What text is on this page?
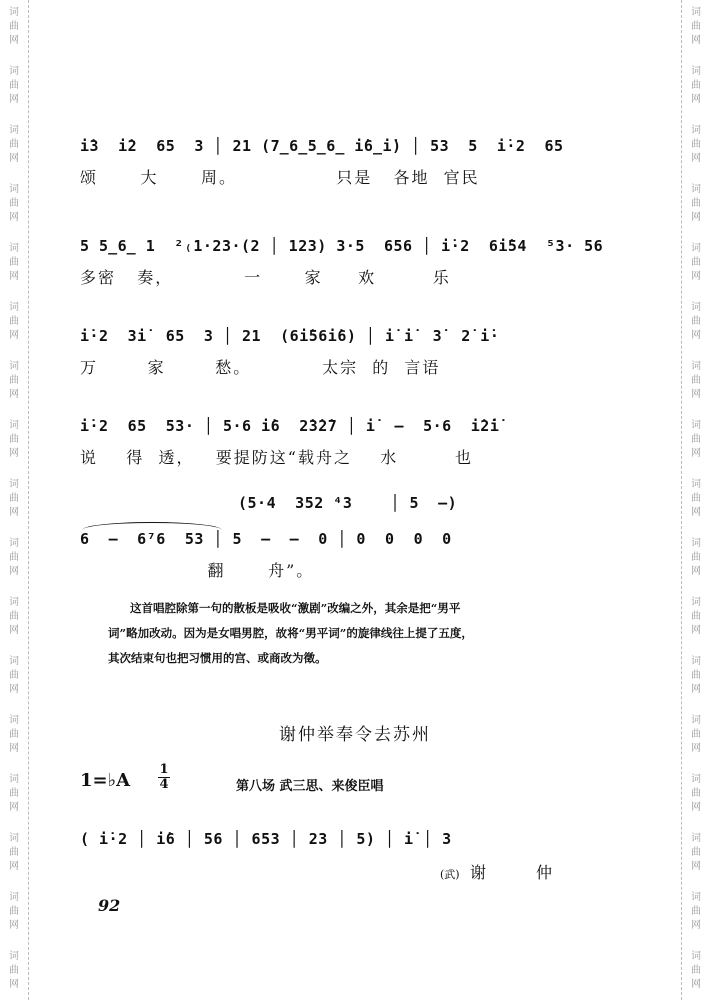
词
曲
网
词
曲
网
词
曲
网
词
曲
网
词
曲
网
词
曲
网
词
曲
网
词
曲
网
词
曲
网
词
曲
网
词
曲
网
词
曲
网
词
曲
网
词
曲
网
词
曲
网
词
曲
网
词
曲
网
词
曲
网
词
曲
网
词
曲
网
词
曲
网
词
曲
网
词
曲
网
词
曲
网
词
曲
网
词
曲
网
词
曲
网
词
曲
网
词
曲
网
词
曲
网
词
曲
网
词
曲
网
词
曲
网
词
曲
网
i̇3  i̇2  65  3 │ 21 (7̲6̲5̲6̲ i̇6̲i̇) │ 53  5  i̇·2  65
颂      大      周。              只是   各地  官民
5 5̲6̲ 1  ²₍1·23·(2 │ 123) 3·5  656 │ i̇·2  6i̇54  ⁵3· 56
多密   奏，          一      家     欢        乐
i̇·2  3i̇  65  3 │ 21  (6i̇56i̇6) │ i̇ i̇  3̇  2̇ i̇·
万       家       愁。          太宗  的  言语
i̇·2  65  53· │ 5·6 i̇6  2̇3̇2̇7 │ i̇  —  5·6  i̇2̇i̇
说    得  透，   要提防这“载舟之    水        也
(5·4  352 ⁴3    │ 5  —)
6  —  6⁷6  53 │ 5  —  —  0 │ 0  0  0  0
翻      舟”。

这首唱腔除第一句的散板是吸收“激剧”改编之外，其余是把“男平

词”略加改动。因为是女唱男腔，故将“男平词”的旋律线往上提了五度，

其次结束句也把习惯用的宫、或商改为徵。

谢仲举奉令去苏州
1=♭A
1
4	第八场 武三思、来俊臣唱
( i̇·2 │ i̇6 │ 56 │ 653 │ 23 │ 5) │ i̇ │ 3
(武) 谢	仲
92
